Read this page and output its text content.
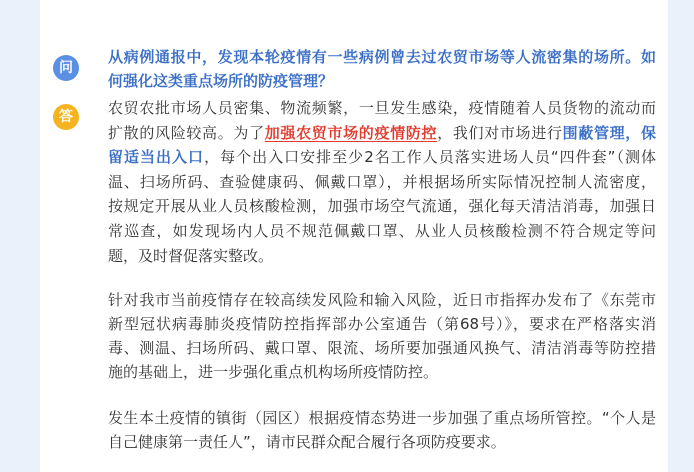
问
从病例通报中，发现本轮疫情有一些病例曾去过农贸市场等人流密集的场所。如
何强化这类重点场所的防疫管理？
答	农贸农批市场人员密集、物流频繁，一旦发生感染，疫情随着人员货物的流动而
扩散的风险较高。为了加强农贸市场的疫情防控，我们对市场进行围蔽管理，保
留适当出入口，每个出入口安排至少2名工作人员落实进场人员“四件套”（测体
温、扫场所码、查验健康码、佩戴口罩），并根据场所实际情况控制人流密度，
按规定开展从业人员核酸检测，加强市场空气流通，强化每天清洁消毒，加强日
常巡查，如发现场内人员不规范佩戴口罩、从业人员核酸检测不符合规定等问
题，及时督促落实整改。
针对我市当前疫情存在较高续发风险和输入风险，近日市指挥办发布了《东莞市
新型冠状病毒肺炎疫情防控指挥部办公室通告（第68号）》，要求在严格落实消
毒、测温、扫场所码、戴口罩、限流、场所要加强通风换气、清洁消毒等防控措
施的基础上，进一步强化重点机构场所疫情防控。
发生本土疫情的镇街（园区）根据疫情态势进一步加强了重点场所管控。“个人是
自己健康第一责任人”，请市民群众配合履行各项防疫要求。
